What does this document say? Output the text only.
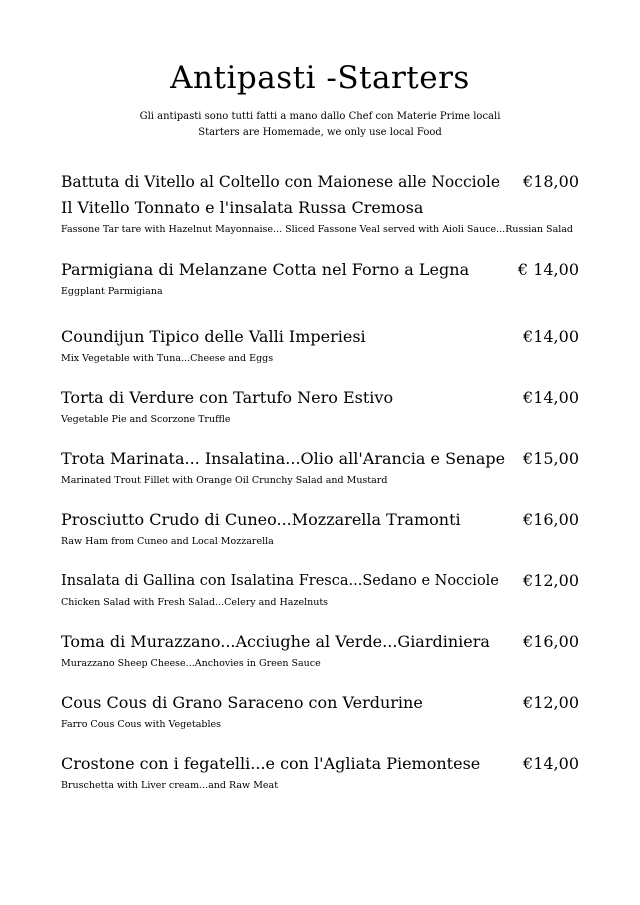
Antipasti -Starters
Gli antipasti sono tutti fatti a mano dallo Chef con Materie Prime locali
Starters are Homemade, we only use local Food
Battuta di Vitello al Coltello con Maionese alle Nocciole €18,00
Il Vitello Tonnato e l'insalata Russa Cremosa
Fassone Tar tare with Hazelnut Mayonnaise... Sliced Fassone Veal served with Aioli Sauce...Russian Salad
Parmigiana di Melanzane Cotta nel Forno a Legna	€ 14,00
Eggplant Parmigiana
Coundijun Tipico delle Valli Imperiesi	€14,00
Mix Vegetable with Tuna...Cheese and Eggs
Torta di Verdure con Tartufo Nero Estivo	€14,00
Vegetable Pie and Scorzone Truffle
Trota Marinata... Insalatina...Olio all'Arancia e Senape €15,00
Marinated Trout Fillet with Orange Oil Crunchy Salad and Mustard
Prosciutto Crudo di Cuneo...Mozzarella Tramonti	€16,00
Raw Ham from Cuneo and Local Mozzarella
Insalata di Gallina con Isalatina Fresca...Sedano e Nocciole €12,00
Chicken Salad with Fresh Salad...Celery and Hazelnuts
Toma di Murazzano...Acciughe al Verde...Giardiniera €16,00
Murazzano Sheep Cheese...Anchovies in Green Sauce
Cous Cous di Grano Saraceno con Verdurine	€12,00
Farro Cous Cous with Vegetables
Crostone con i fegatelli...e con l'Agliata Piemontese	€14,00
Bruschetta with Liver cream...and Raw Meat
